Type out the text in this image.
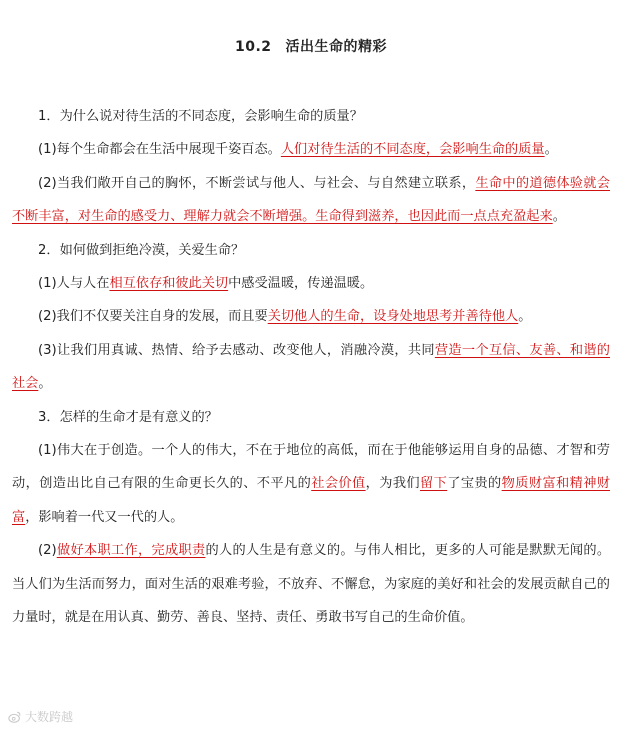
10.2 活出生命的精彩

1．为什么说对待生活的不同态度，会影响生命的质量？

(1)每个生命都会在生活中展现千姿百态。人们对待生活的不同态度，会影响生命的质量。

(2)当我们敞开自己的胸怀，不断尝试与他人、与社会、与自然建立联系，生命中的道德体验就会不断丰富，对生命的感受力、理解力就会不断增强。生命得到滋养，也因此而一点点充盈起来。

2．如何做到拒绝冷漠，关爱生命？

(1)人与人在相互依存和彼此关切中感受温暖，传递温暖。

(2)我们不仅要关注自身的发展，而且要关切他人的生命，设身处地思考并善待他人。

(3)让我们用真诚、热情、给予去感动、改变他人，消融冷漠，共同营造一个互信、友善、和谐的社会。

3．怎样的生命才是有意义的？

(1)伟大在于创造。一个人的伟大，不在于地位的高低，而在于他能够运用自身的品德、才智和劳动，创造出比自己有限的生命更长久的、不平凡的社会价值，为我们留下了宝贵的物质财富和精神财富，影响着一代又一代的人。

(2)做好本职工作，完成职责的人的人生是有意义的。与伟人相比，更多的人可能是默默无闻的。当人们为生活而努力，面对生活的艰难考验，不放弃、不懈怠，为家庭的美好和社会的发展贡献自己的力量时，就是在用认真、勤劳、善良、坚持、责任、勇敢书写自己的生命价值。

大数跨越
